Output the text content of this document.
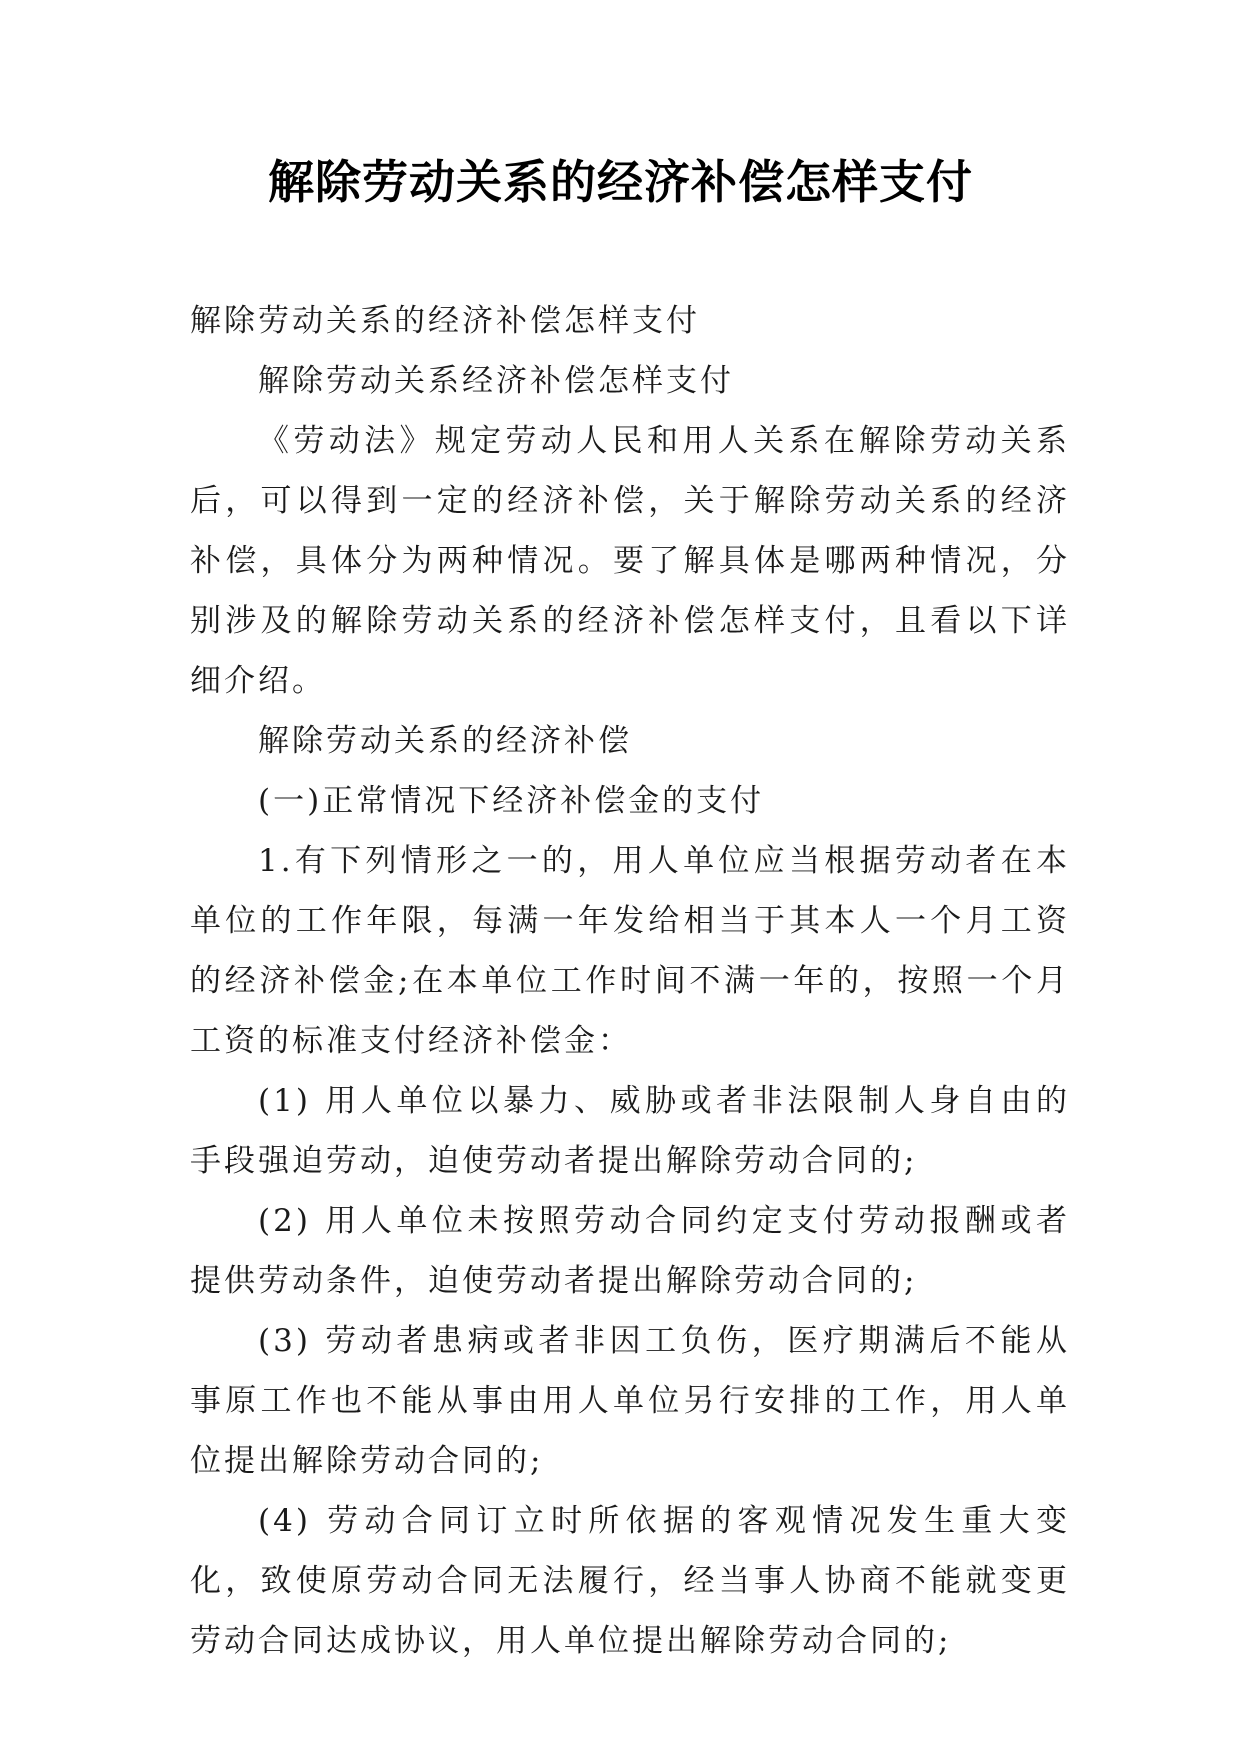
解除劳动关系的经济补偿怎样支付

解除劳动关系的经济补偿怎样支付

解除劳动关系经济补偿怎样支付

《劳动法》规定劳动人民和用人关系在解除劳动关系后，可以得到一定的经济补偿，关于解除劳动关系的经济补偿，具体分为两种情况。要了解具体是哪两种情况，分别涉及的解除劳动关系的经济补偿怎样支付，且看以下详细介绍。

解除劳动关系的经济补偿

(一)正常情况下经济补偿金的支付

1.有下列情形之一的，用人单位应当根据劳动者在本单位的工作年限，每满一年发给相当于其本人一个月工资的经济补偿金;在本单位工作时间不满一年的，按照一个月工资的标准支付经济补偿金：

(1) 用人单位以暴力、威胁或者非法限制人身自由的手段强迫劳动，迫使劳动者提出解除劳动合同的;

(2) 用人单位未按照劳动合同约定支付劳动报酬或者提供劳动条件，迫使劳动者提出解除劳动合同的;

(3) 劳动者患病或者非因工负伤，医疗期满后不能从事原工作也不能从事由用人单位另行安排的工作，用人单位提出解除劳动合同的;

(4) 劳动合同订立时所依据的客观情况发生重大变化，致使原劳动合同无法履行，经当事人协商不能就变更劳动合同达成协议，用人单位提出解除劳动合同的;
